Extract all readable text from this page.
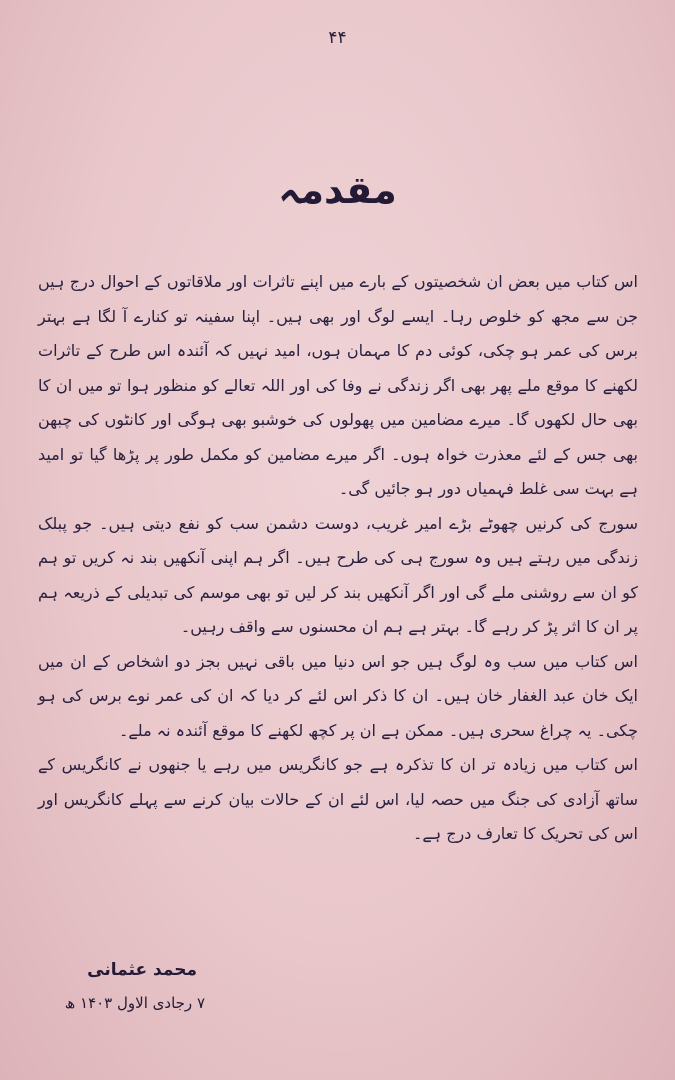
۴۴
مقدمہ

اس کتاب میں بعض ان شخصیتوں کے بارے میں اپنے تاثرات اور ملاقاتوں کے احوال درج ہیں جن سے مجھ کو خلوص رہا۔ ایسے لوگ اور بھی ہیں۔ اپنا سفینہ تو کنارے آ لگا ہے بہتر برس کی عمر ہو چکی، کوئی دم کا مہمان ہوں، امید نہیں کہ آئندہ اس طرح کے تاثرات لکھنے کا موقع ملے پھر بھی اگر زندگی نے وفا کی اور اللہ تعالے کو منظور ہوا تو میں ان کا بھی حال لکھوں گا۔ میرے مضامین میں پھولوں کی خوشبو بھی ہوگی اور کانٹوں کی چبھن بھی جس کے لئے معذرت خواہ ہوں۔ اگر میرے مضامین کو مکمل طور پر پڑھا گیا تو امید ہے بہت سی غلط فہمیاں دور ہو جائیں گی۔

سورج کی کرنیں چھوٹے بڑے امیر غریب، دوست دشمن سب کو نفع دیتی ہیں۔ جو پبلک زندگی میں رہتے ہیں وہ سورج ہی کی طرح ہیں۔ اگر ہم اپنی آنکھیں بند نہ کریں تو ہم کو ان سے روشنی ملے گی اور اگر آنکھیں بند کر لیں تو بھی موسم کی تبدیلی کے ذریعہ ہم پر ان کا اثر پڑ کر رہے گا۔ بہتر ہے ہم ان محسنوں سے واقف رہیں۔

اس کتاب میں سب وہ لوگ ہیں جو اس دنیا میں باقی نہیں بجز دو اشخاص کے ان میں ایک خان عبد الغفار خان ہیں۔ ان کا ذکر اس لئے کر دیا کہ ان کی عمر نوے برس کی ہو چکی۔ یہ چراغ سحری ہیں۔ ممکن ہے ان پر کچھ لکھنے کا موقع آئندہ نہ ملے۔

اس کتاب میں زیادہ تر ان کا تذکرہ ہے جو کانگریس میں رہے یا جنھوں نے کانگریس کے ساتھ آزادی کی جنگ میں حصہ لیا، اس لئے ان کے حالات بیان کرنے سے پہلے کانگریس اور اس کی تحریک کا تعارف درج ہے۔

محمد عثمانی
۷ رجادی الاول ۱۴۰۳ ھ
